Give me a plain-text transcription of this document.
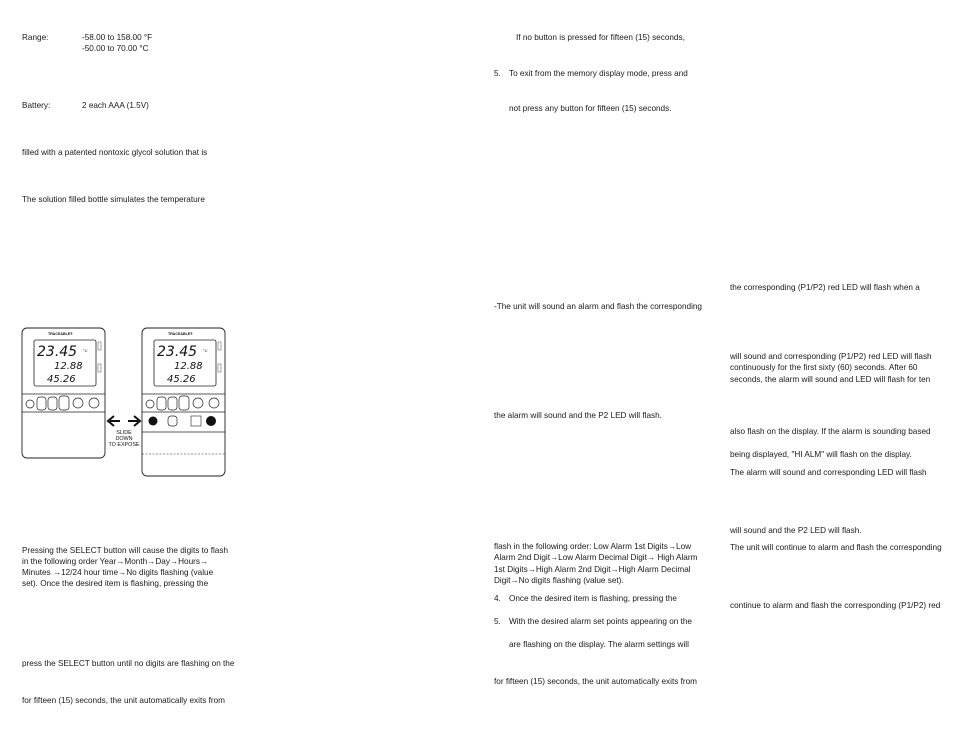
Range:	-58.00 to 158.00 °F
-50.00 to 70.00 °C
Battery:	2 each AAA (1.5V)
filled with a patented nontoxic glycol solution that is
The solution filled bottle simulates the temperature
TRACEABLE®
23.45 °C
12.88
45.26
SLIDE
DOWN
TO EXPOSE
TRACEABLE®
23.45 °C
12.88
45.26
Pressing the SELECT button will cause the digits to flash
in the following order Year→Month→Day→Hours→
Minutes →12/24 hour time→No digits flashing (value
set). Once the desired item is flashing, pressing the
press the SELECT button until no digits are flashing on the
for fifteen (15) seconds, the unit automatically exits from
If no button is pressed for fifteen (15) seconds,
5. To exit from the memory display mode, press and
not press any button for fifteen (15) seconds.
-The unit will sound an alarm and flash the corresponding
the alarm will sound and the P2 LED will flash.
flash in the following order: Low Alarm 1st Digits→Low
Alarm 2nd Digit→Low Alarm Decimal Digit→ High Alarm
1st Digits→High Alarm 2nd Digit→High Alarm Decimal
Digit→No digits flashing (value set).
4. Once the desired item is flashing, pressing the
5. With the desired alarm set points appearing on the
are flashing on the display. The alarm settings will
for fifteen (15) seconds, the unit automatically exits from
the corresponding (P1/P2) red LED will flash when a
will sound and corresponding (P1/P2) red LED will flash
continuously for the first sixty (60) seconds. After 60
seconds, the alarm will sound and LED will flash for ten
also flash on the display. If the alarm is sounding based
being displayed, "HI ALM" will flash on the display.
The alarm will sound and corresponding LED will flash
will sound and the P2 LED will flash.
The unit will continue to alarm and flash the corresponding
continue to alarm and flash the corresponding (P1/P2) red
